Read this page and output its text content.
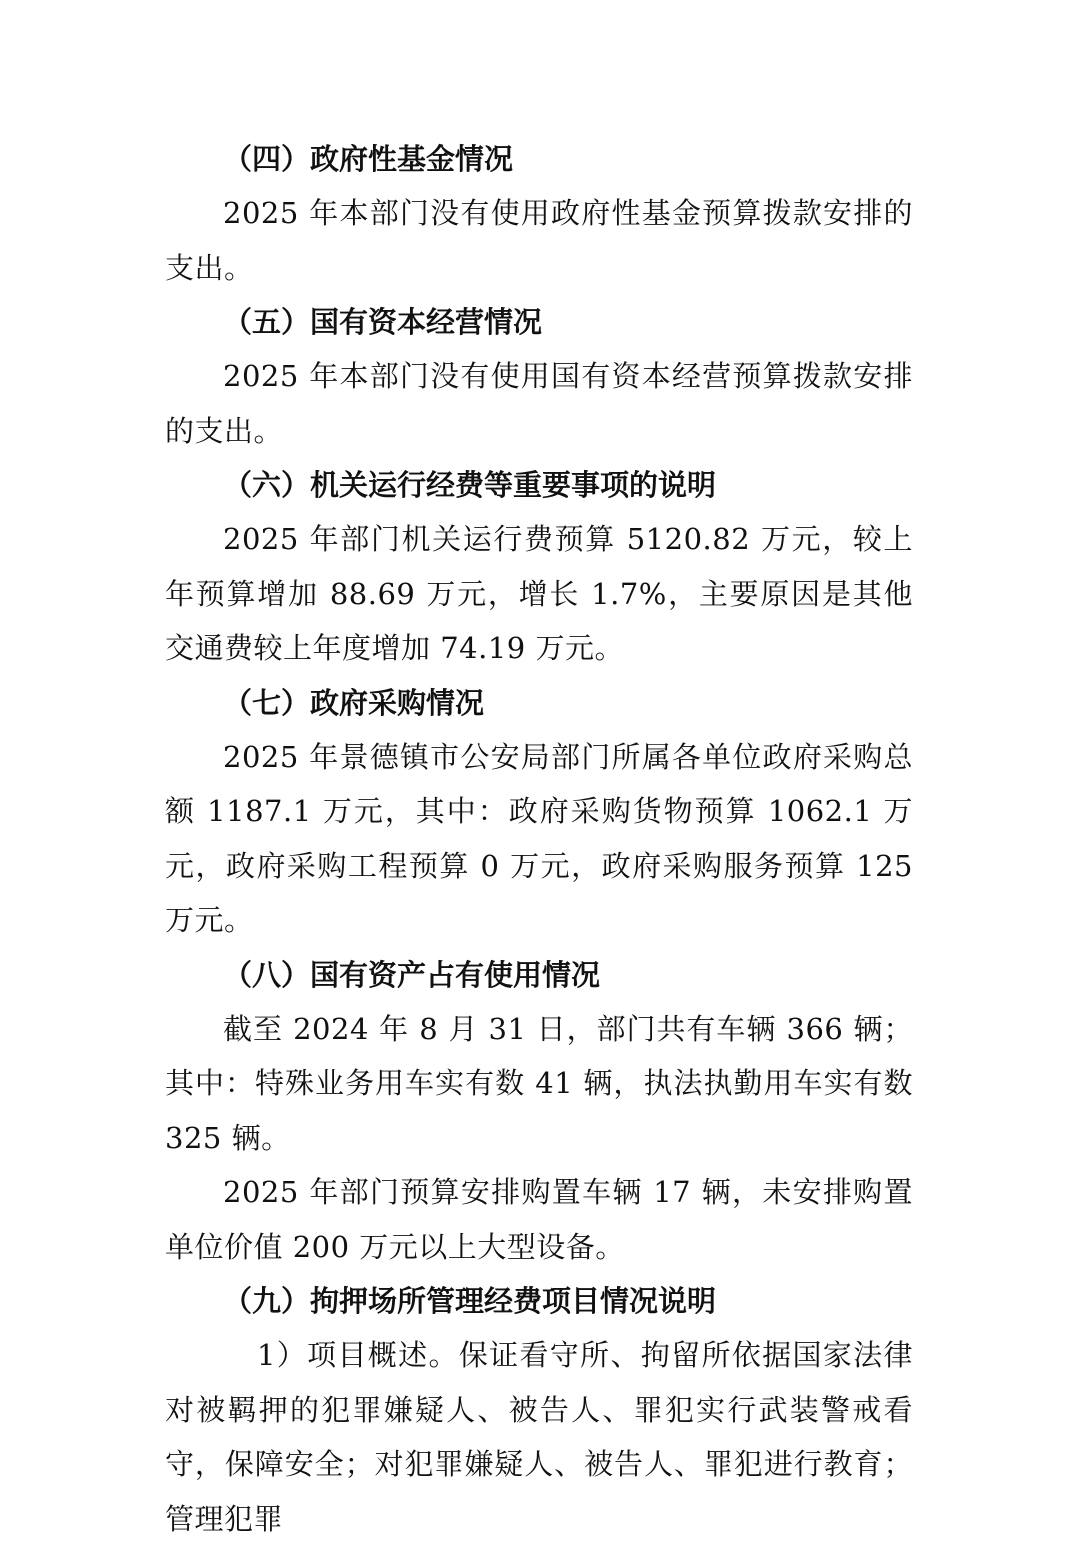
（四）政府性基金情况

2025 年本部门没有使用政府性基金预算拨款安排的支出。

（五）国有资本经营情况

2025 年本部门没有使用国有资本经营预算拨款安排的支出。

（六）机关运行经费等重要事项的说明

2025 年部门机关运行费预算 5120.82 万元，较上年预算增加 88.69 万元，增长 1.7%，主要原因是其他交通费较上年度增加 74.19 万元。

（七）政府采购情况

2025 年景德镇市公安局部门所属各单位政府采购总额 1187.1 万元，其中：政府采购货物预算 1062.1 万元，政府采购工程预算 0 万元，政府采购服务预算 125 万元。

（八）国有资产占有使用情况

截至 2024 年 8 月 31 日，部门共有车辆 366 辆；其中：特殊业务用车实有数 41 辆，执法执勤用车实有数 325 辆。

2025 年部门预算安排购置车辆 17 辆，未安排购置单位价值 200 万元以上大型设备。

（九）拘押场所管理经费项目情况说明

1）项目概述。保证看守所、拘留所依据国家法律对被羁押的犯罪嫌疑人、被告人、罪犯实行武装警戒看守，保障安全；对犯罪嫌疑人、被告人、罪犯进行教育；管理犯罪
